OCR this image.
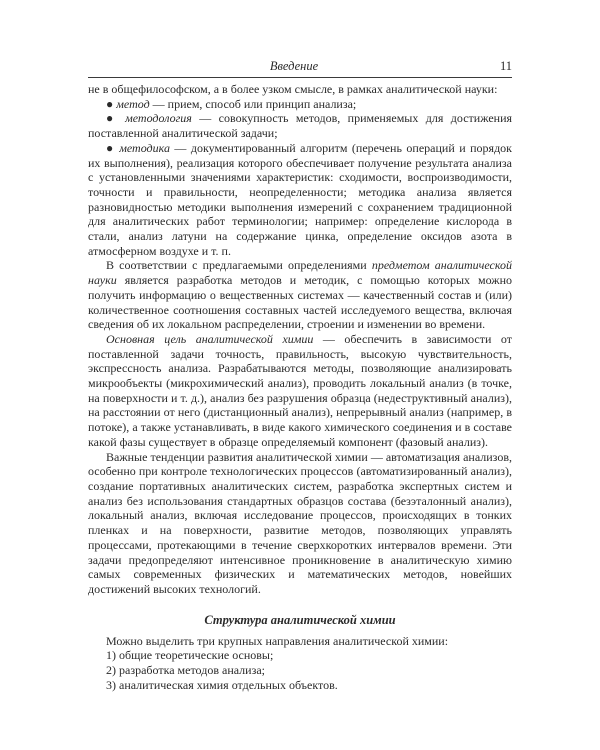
Введение	11

не в общефилософском, а в более узком смысле, в рамках аналитической науки:

● метод — прием, способ или принцип анализа;

● методология — совокупность методов, применяемых для достижения поставленной аналитической задачи;

● методика — документированный алгоритм (перечень операций и порядок их выполнения), реализация которого обеспечивает получение результата анализа с установленными значениями характеристик: сходимости, воспроизводимости, точности и правильности, неопределенности; методика анализа является разновидностью методики выполнения измерений с сохранением традиционной для аналитических работ терминологии; например: определение кислорода в стали, анализ латуни на содержание цинка, определение оксидов азота в атмосферном воздухе и т. п.

В соответствии с предлагаемыми определениями предметом аналитической науки является разработка методов и методик, с помощью которых можно получить информацию о вещественных системах — качественный состав и (или) количественное соотношения составных частей исследуемого вещества, включая сведения об их локальном распределении, строении и изменении во времени.

Основная цель аналитической химии — обеспечить в зависимости от поставленной задачи точность, правильность, высокую чувствительность, экспрессность анализа. Разрабатываются методы, позволяющие анализировать микрообъекты (микрохимический анализ), проводить локальный анализ (в точке, на поверхности и т. д.), анализ без разрушения образца (недеструктивный анализ), на расстоянии от него (дистанционный анализ), непрерывный анализ (например, в потоке), а также устанавливать, в виде какого химического соединения и в составе какой фазы существует в образце определяемый компонент (фазовый анализ).

Важные тенденции развития аналитической химии — автоматизация анализов, особенно при контроле технологических процессов (автоматизированный анализ), создание портативных аналитических систем, разработка экспертных систем и анализ без использования стандартных образцов состава (безэталонный анализ), локальный анализ, включая исследование процессов, происходящих в тонких пленках и на поверхности, развитие методов, позволяющих управлять процессами, протекающими в течение сверхкоротких интервалов времени. Эти задачи предопределяют интенсивное проникновение в аналитическую химию самых современных физических и математических методов, новейших достижений высоких технологий.

Структура аналитической химии

Можно выделить три крупных направления аналитической химии:

1) общие теоретические основы;

2) разработка методов анализа;

3) аналитическая химия отдельных объектов.
